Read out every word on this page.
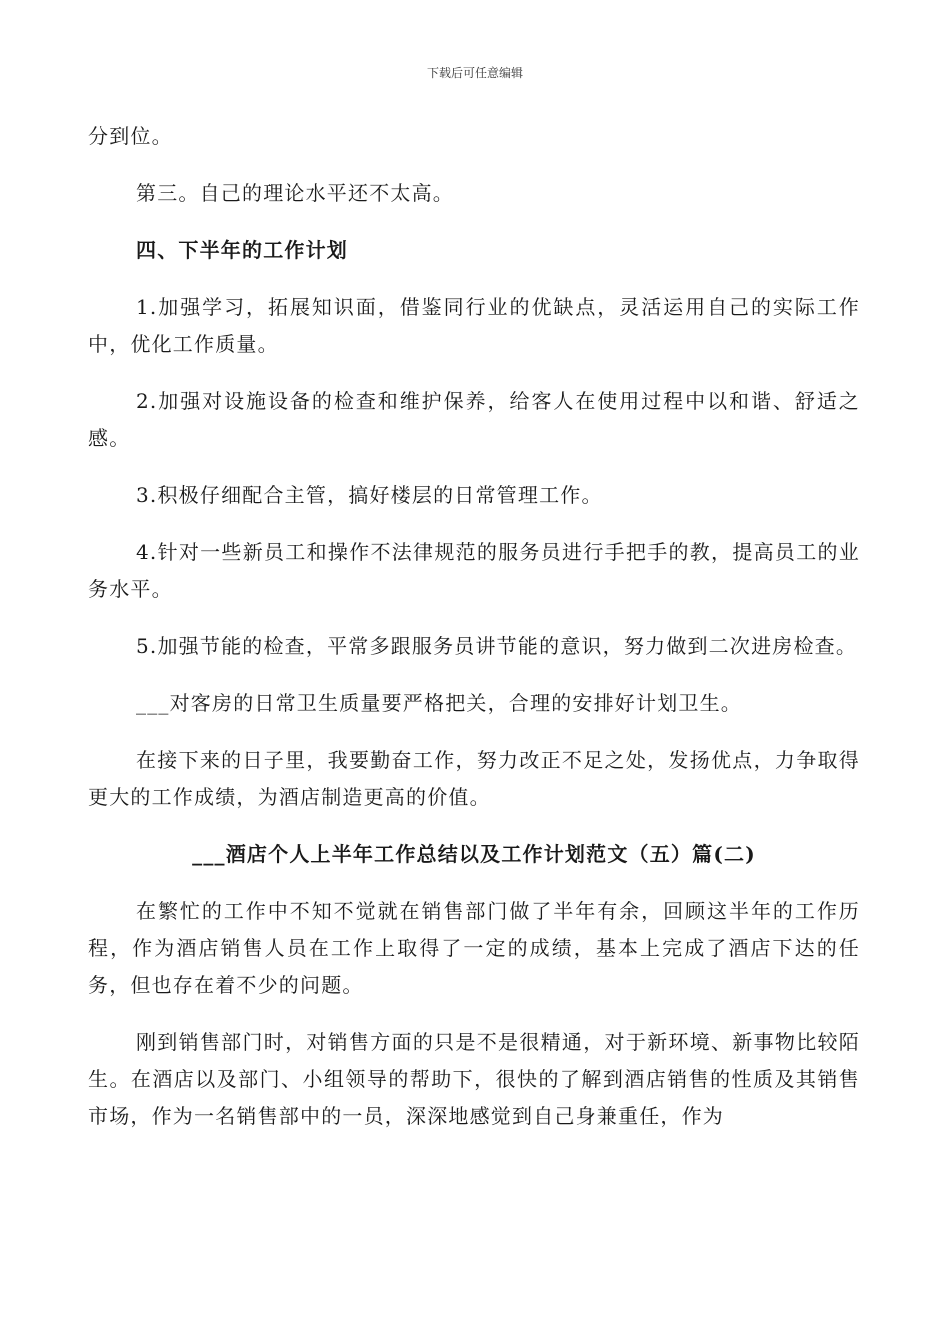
下载后可任意编辑

分到位。

第三。自己的理论水平还不太高。

四、下半年的工作计划

1.加强学习，拓展知识面，借鉴同行业的优缺点，灵活运用自己的实际工作中，优化工作质量。

2.加强对设施设备的检查和维护保养，给客人在使用过程中以和谐、舒适之感。

3.积极仔细配合主管，搞好楼层的日常管理工作。

4.针对一些新员工和操作不法律规范的服务员进行手把手的教，提高员工的业务水平。

5.加强节能的检查，平常多跟服务员讲节能的意识，努力做到二次进房检查。

___对客房的日常卫生质量要严格把关，合理的安排好计划卫生。

在接下来的日子里，我要勤奋工作，努力改正不足之处，发扬优点，力争取得更大的工作成绩，为酒店制造更高的价值。

___酒店个人上半年工作总结以及工作计划范文（五）篇(二)

在繁忙的工作中不知不觉就在销售部门做了半年有余，回顾这半年的工作历程，作为酒店销售人员在工作上取得了一定的成绩，基本上完成了酒店下达的任务，但也存在着不少的问题。

刚到销售部门时，对销售方面的只是不是很精通，对于新环境、新事物比较陌生。在酒店以及部门、小组领导的帮助下，很快的了解到酒店销售的性质及其销售市场，作为一名销售部中的一员，深深地感觉到自己身兼重任，作为
